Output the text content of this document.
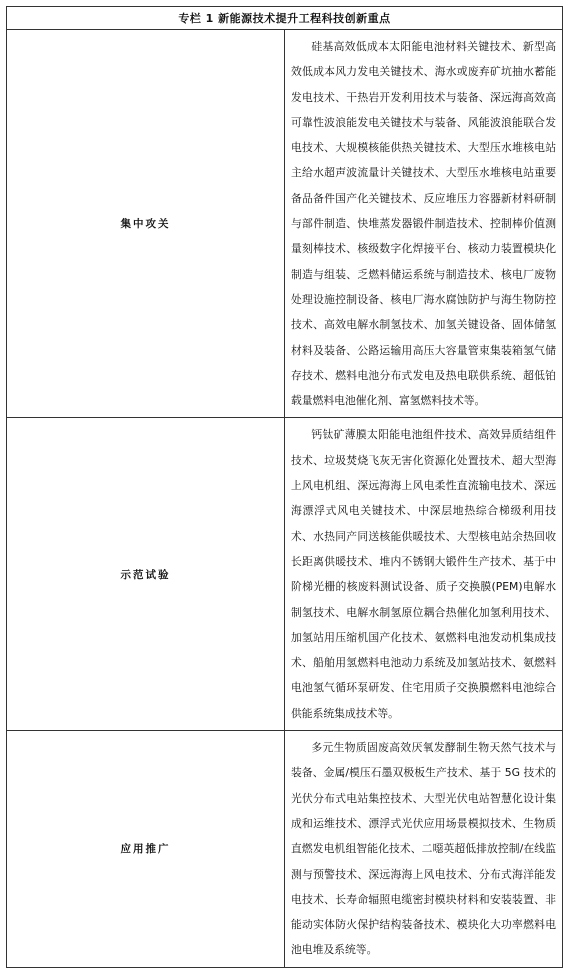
专栏 1 新能源技术提升工程科技创新重点	
集中攻关	硅基高效低成本太阳能电池材料关键技术、新型高效低成本风力发电关键技术、海水或废弃矿坑抽水蓄能发电技术、干热岩开发利用技术与装备、深远海高效高可靠性波浪能发电关键技术与装备、风能波浪能联合发电技术、大规模核能供热关键技术、大型压水堆核电站主给水超声波流量计关键技术、大型压水堆核电站重要备品备件国产化关键技术、反应堆压力容器新材料研制与部件制造、快堆蒸发器锻件制造技术、控制棒价值测量刻棒技术、核级数字化焊接平台、核动力装置模块化制造与组装、乏燃料储运系统与制造技术、核电厂废物处理设施控制设备、核电厂海水腐蚀防护与海生物防控技术、高效电解水制氢技术、加氢关键设备、固体储氢材料及装备、公路运输用高压大容量管束集装箱氢气储存技术、燃料电池分布式发电及热电联供系统、超低铂载量燃料电池催化剂、富氢燃料技术等。
示范试验	钙钛矿薄膜太阳能电池组件技术、高效异质结组件技术、垃圾焚烧飞灰无害化资源化处置技术、超大型海上风电机组、深远海海上风电柔性直流输电技术、深远海漂浮式风电关键技术、中深层地热综合梯级利用技术、水热同产同送核能供暖技术、大型核电站余热回收长距离供暖技术、堆内不锈钢大锻件生产技术、基于中阶梯光栅的核废料测试设备、质子交换膜(PEM)电解水制氢技术、电解水制氢原位耦合热催化加氢利用技术、加氢站用压缩机国产化技术、氨燃料电池发动机集成技术、船舶用氢燃料电池动力系统及加氢站技术、氨燃料电池氢气循环泵研发、住宅用质子交换膜燃料电池综合供能系统集成技术等。
应用推广	多元生物质固废高效厌氧发酵制生物天然气技术与装备、金属/模压石墨双极板生产技术、基于 5G 技术的光伏分布式电站集控技术、大型光伏电站智慧化设计集成和运维技术、漂浮式光伏应用场景模拟技术、生物质直燃发电机组智能化技术、二噁英超低排放控制/在线监测与预警技术、深远海海上风电技术、分布式海洋能发电技术、长寿命辐照电缆密封模块材料和安装装置、非能动实体防火保护结构装备技术、模块化大功率燃料电池电堆及系统等。
